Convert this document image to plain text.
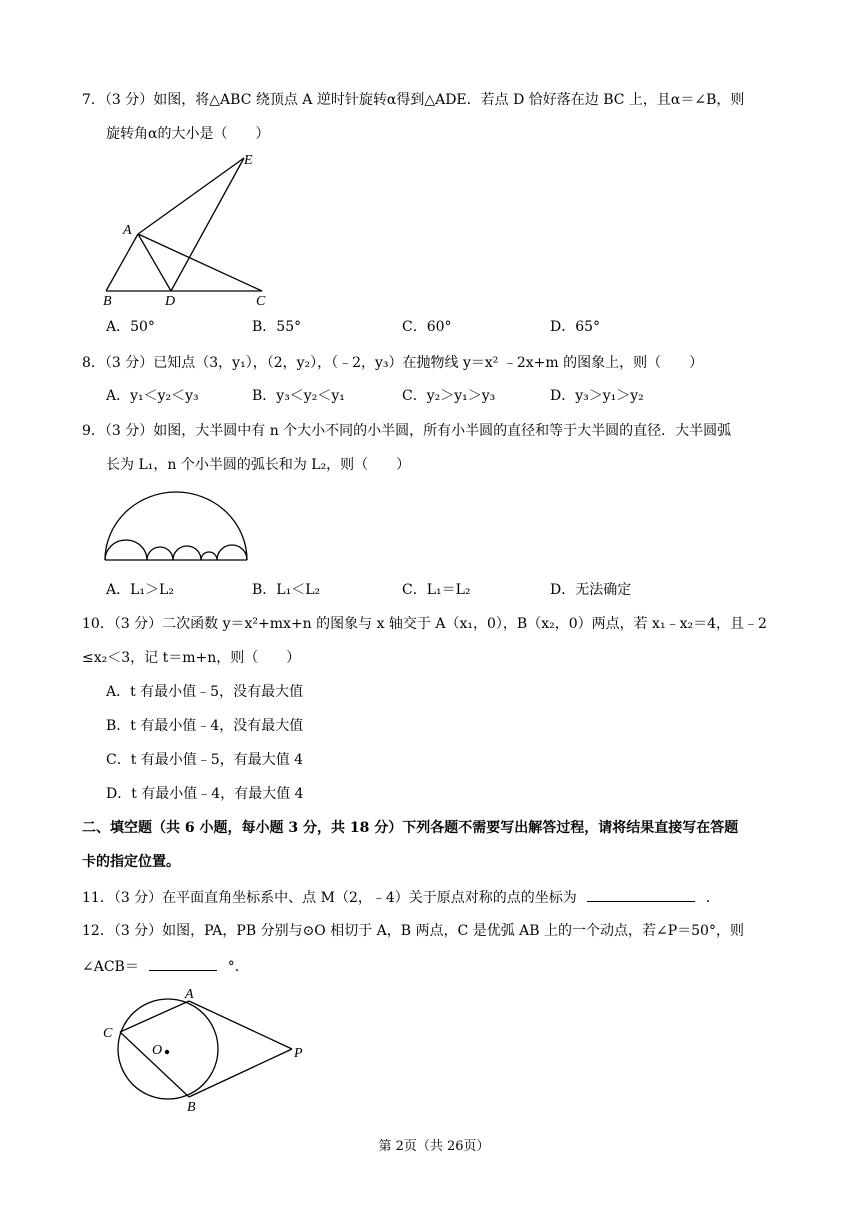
7．（3 分）如图，将△ABC 绕顶点 A 逆时针旋转α得到△ADE．若点 D 恰好落在边 BC 上，且α＝∠B，则
旋转角α的大小是（　　）
E
A
B	D	C
A．50°	B．55°	C．60°	D．65°
8．（3 分）已知点（3，y₁），（2，y₂），（﹣2，y₃）在抛物线 y＝x² ﹣2x+m 的图象上，则（　　）
A．y₁＜y₂＜y₃	B．y₃＜y₂＜y₁	C．y₂＞y₁＞y₃	D．y₃＞y₁＞y₂
9．（3 分）如图，大半圆中有 n 个大小不同的小半圆，所有小半圆的直径和等于大半圆的直径．大半圆弧
长为 L₁，n 个小半圆的弧长和为 L₂，则（　　）
A．L₁＞L₂	B．L₁＜L₂	C．L₁＝L₂	D．无法确定
10．（3 分）二次函数 y＝x²+mx+n 的图象与 x 轴交于 A（x₁，0），B（x₂，0）两点，若 x₁﹣x₂＝4，且﹣2
≤x₂＜3，记 t＝m+n，则（　　）
A．t 有最小值﹣5，没有最大值
B．t 有最小值﹣4，没有最大值
C．t 有最小值﹣5，有最大值 4
D．t 有最小值﹣4，有最大值 4
二、填空题（共 6 小题，每小题 3 分，共 18 分）下列各题不需要写出解答过程，请将结果直接写在答题
卡的指定位置。
11．（3 分）在平面直角坐标系中、点 M（2，﹣4）关于原点对称的点的坐标为	．
12．（3 分）如图，PA，PB 分别与⊙O 相切于 A，B 两点，C 是优弧 AB 上的一个动点，若∠P＝50°，则
∠ACB＝	°．
A
C
O	P
B
第 2页（共 26页）
